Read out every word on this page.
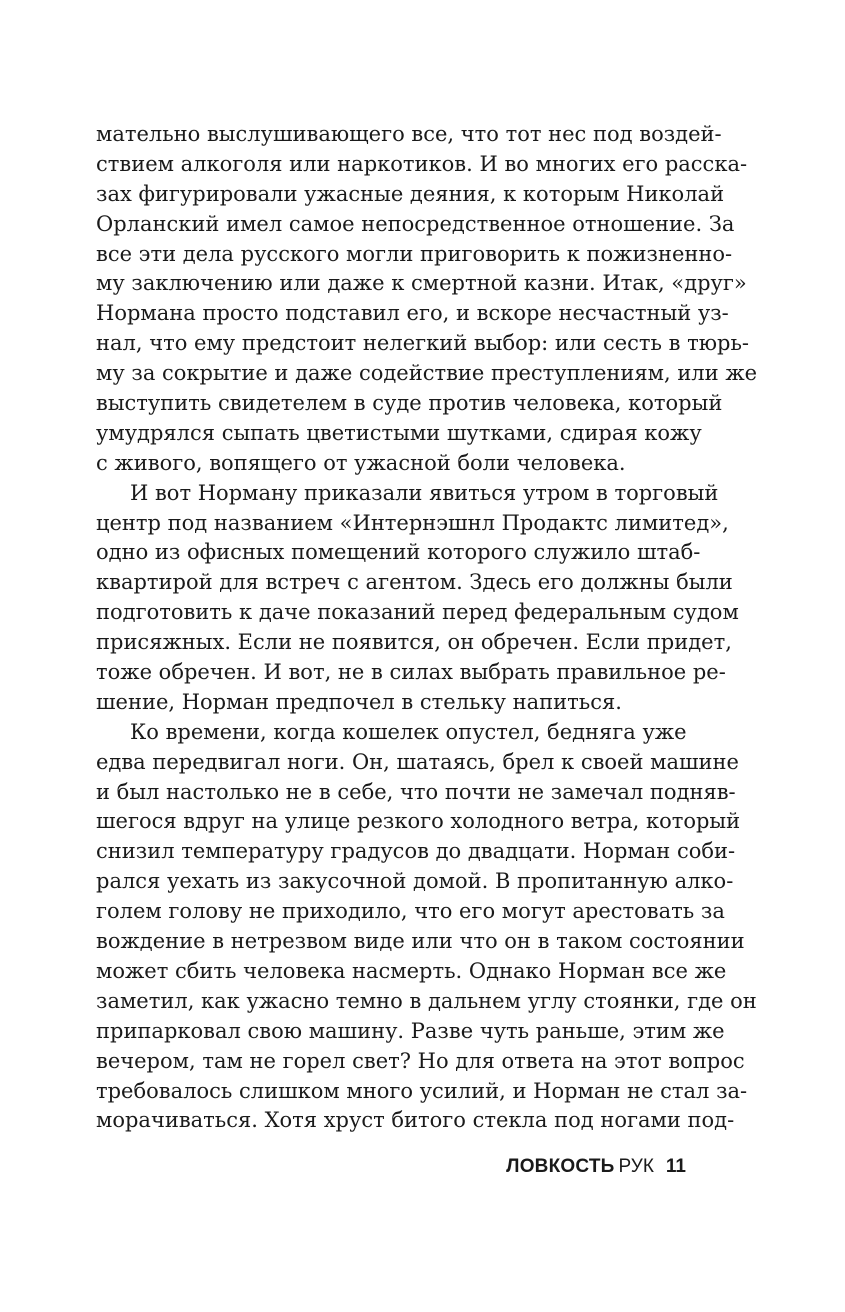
мательно выслушивающего все, что тот нес под воздей-
ствием алкоголя или наркотиков. И во многих его расска-
зах фигурировали ужасные деяния, к которым Николай
Орланский имел самое непосредственное отношение. За
все эти дела русского могли приговорить к пожизненно-
му заключению или даже к смертной казни. Итак, «друг»
Нормана просто подставил его, и вскоре несчастный уз-
нал, что ему предстоит нелегкий выбор: или сесть в тюрь-
му за сокрытие и даже содействие преступлениям, или же
выступить свидетелем в суде против человека, который
умудрялся сыпать цветистыми шутками, сдирая кожу
с живого, вопящего от ужасной боли человека.
И вот Норману приказали явиться утром в торговый
центр под названием «Интернэшнл Продактс лимитед»,
одно из офисных помещений которого служило штаб-
квартирой для встреч с агентом. Здесь его должны были
подготовить к даче показаний перед федеральным судом
присяжных. Если не появится, он обречен. Если придет,
тоже обречен. И вот, не в силах выбрать правильное ре-
шение, Норман предпочел в стельку напиться.
Ко времени, когда кошелек опустел, бедняга уже
едва передвигал ноги. Он, шатаясь, брел к своей машине
и был настолько не в себе, что почти не замечал подняв-
шегося вдруг на улице резкого холодного ветра, который
снизил температуру градусов до двадцати. Норман соби-
рался уехать из закусочной домой. В пропитанную алко-
голем голову не приходило, что его могут арестовать за
вождение в нетрезвом виде или что он в таком состоянии
может сбить человека насмерть. Однако Норман все же
заметил, как ужасно темно в дальнем углу стоянки, где он
припарковал свою машину. Разве чуть раньше, этим же
вечером, там не горел свет? Но для ответа на этот вопрос
требовалось слишком много усилий, и Норман не стал за-
морачиваться. Хотя хруст битого стекла под ногами под-
ЛОВКОСТЬ РУК 11
